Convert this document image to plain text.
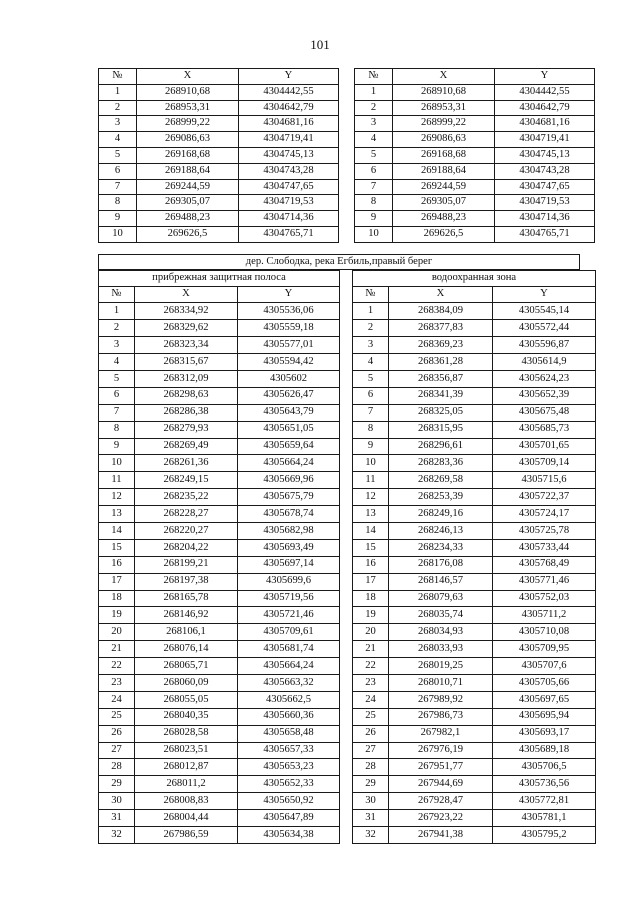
101
№	X	Y
1	268910,68	4304442,55
2	268953,31	4304642,79
3	268999,22	4304681,16
4	269086,63	4304719,41
5	269168,68	4304745,13
6	269188,64	4304743,28
7	269244,59	4304747,65
8	269305,07	4304719,53
9	269488,23	4304714,36
10	269626,5	4304765,71
№	X	Y
1	268910,68	4304442,55
2	268953,31	4304642,79
3	268999,22	4304681,16
4	269086,63	4304719,41
5	269168,68	4304745,13
6	269188,64	4304743,28
7	269244,59	4304747,65
8	269305,07	4304719,53
9	269488,23	4304714,36
10	269626,5	4304765,71
дер. Слободка, река Егбиль,правый берег
прибрежная защитная полоса		
№	X	Y
1	268334,92	4305536,06
2	268329,62	4305559,18
3	268323,34	4305577,01
4	268315,67	4305594,42
5	268312,09	4305602
6	268298,63	4305626,47
7	268286,38	4305643,79
8	268279,93	4305651,05
9	268269,49	4305659,64
10	268261,36	4305664,24
11	268249,15	4305669,96
12	268235,22	4305675,79
13	268228,27	4305678,74
14	268220,27	4305682,98
15	268204,22	4305693,49
16	268199,21	4305697,14
17	268197,38	4305699,6
18	268165,78	4305719,56
19	268146,92	4305721,46
20	268106,1	4305709,61
21	268076,14	4305681,74
22	268065,71	4305664,24
23	268060,09	4305663,32
24	268055,05	4305662,5
25	268040,35	4305660,36
26	268028,58	4305658,48
27	268023,51	4305657,33
28	268012,87	4305653,23
29	268011,2	4305652,33
30	268008,83	4305650,92
31	268004,44	4305647,89
32	267986,59	4305634,38
водоохранная зона		
№	X	Y
1	268384,09	4305545,14
2	268377,83	4305572,44
3	268369,23	4305596,87
4	268361,28	4305614,9
5	268356,87	4305624,23
6	268341,39	4305652,39
7	268325,05	4305675,48
8	268315,95	4305685,73
9	268296,61	4305701,65
10	268283,36	4305709,14
11	268269,58	4305715,6
12	268253,39	4305722,37
13	268249,16	4305724,17
14	268246,13	4305725,78
15	268234,33	4305733,44
16	268176,08	4305768,49
17	268146,57	4305771,46
18	268079,63	4305752,03
19	268035,74	4305711,2
20	268034,93	4305710,08
21	268033,93	4305709,95
22	268019,25	4305707,6
23	268010,71	4305705,66
24	267989,92	4305697,65
25	267986,73	4305695,94
26	267982,1	4305693,17
27	267976,19	4305689,18
28	267951,77	4305706,5
29	267944,69	4305736,56
30	267928,47	4305772,81
31	267923,22	4305781,1
32	267941,38	4305795,2
